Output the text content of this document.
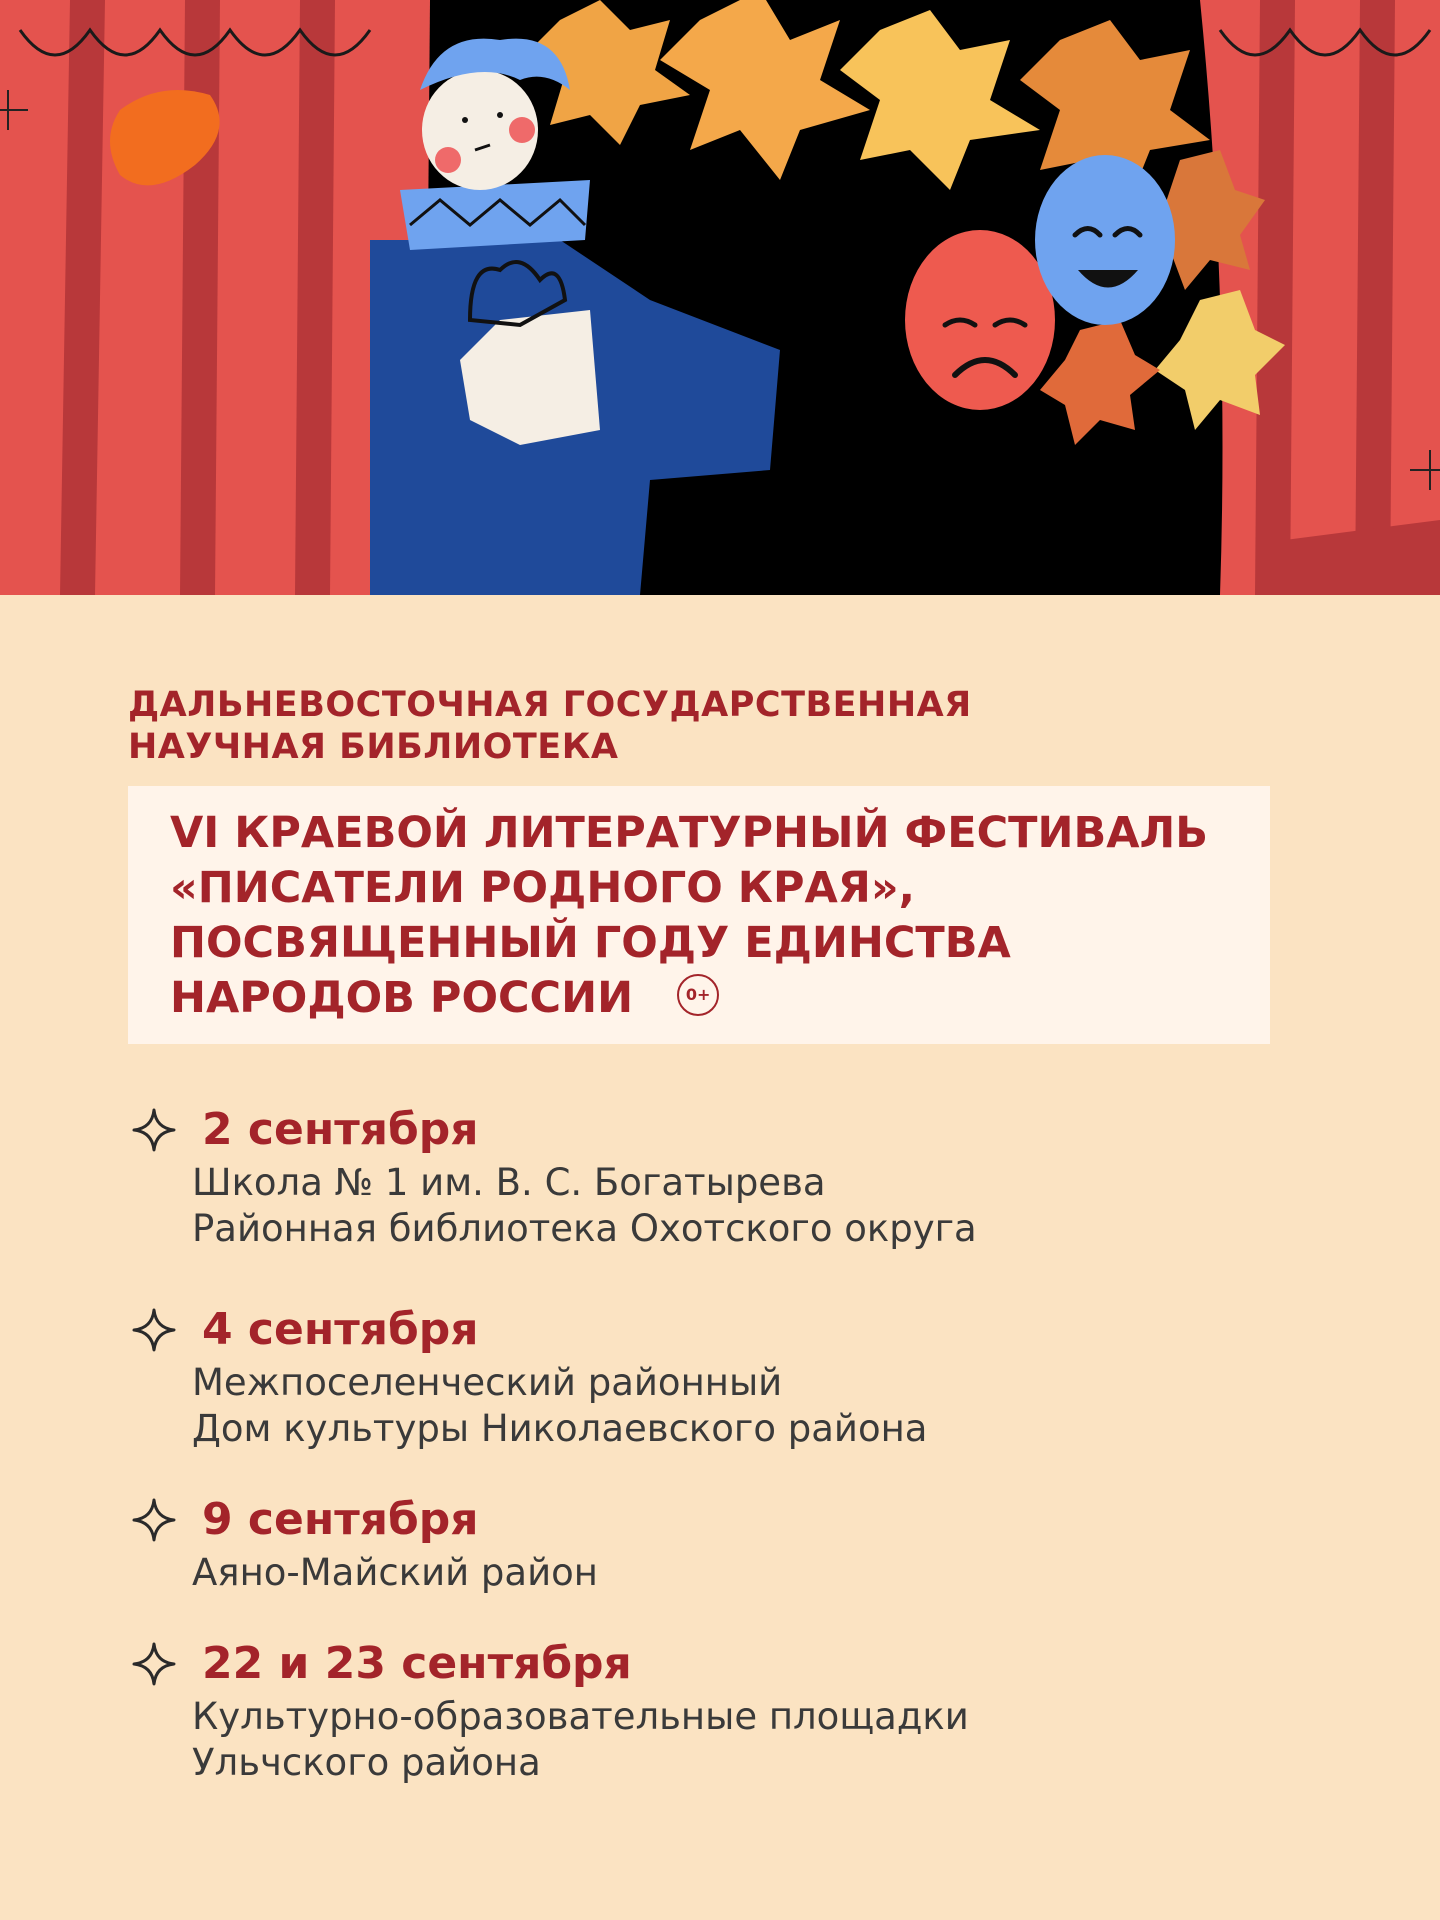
ДАЛЬНЕВОСТОЧНАЯ ГОСУДАРСТВЕННАЯ
НАУЧНАЯ БИБЛИОТЕКА
VI КРАЕВОЙ ЛИТЕРАТУРНЫЙ ФЕСТИВАЛЬ
«ПИСАТЕЛИ РОДНОГО КРАЯ»,
ПОСВЯЩЕННЫЙ ГОДУ ЕДИНСТВА
НАРОДОВ РОССИИ	0+
2 сентября
Школа № 1 им. В. С. Богатырева
Районная библиотека Охотского округа
4 сентября
Межпоселенческий районный
Дом культуры Николаевского района
9 сентября
Аяно-Майский район
22 и 23 сентября
Культурно-образовательные площадки
Ульчского района
